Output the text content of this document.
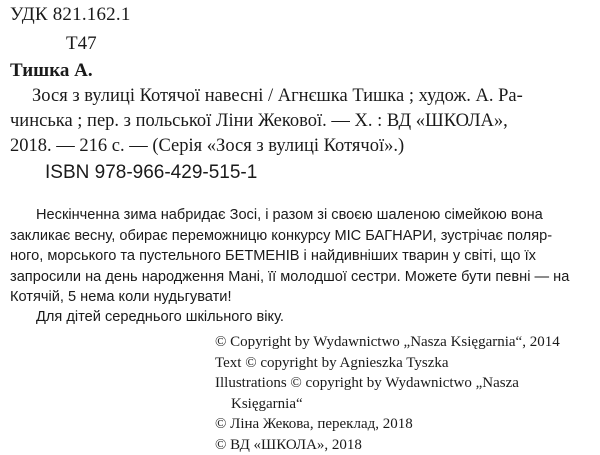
УДК 821.162.1
Т47
Тишка А.
Зося з вулиці Котячої навесні / Агнєшка Тишка ; худож. А. Ра-
чинська ; пер. з польської Ліни Жекової. — Х. : ВД «ШКОЛА»,
2018. — 216 с. — (Серія «Зося з вулиці Котячої».)
ISBN 978-966-429-515-1
Нескінченна зима набридає Зосі, і разом зі своєю шаленою сімейкою вона
закликає весну, обирає переможницю конкурсу МІС БАГНАРИ, зустрічає поляр-
ного, морського та пустельного БЕТМЕНІВ і найдивніших тварин у світі, що їх
запросили на день народження Мані, її молодшої сестри. Можете бути певні — на
Котячій, 5 нема коли нудьгувати!
Для дітей середнього шкільного віку.
© Copyright by Wydawnictwo „Nasza Księgarnia“, 2014
Text © copyright by Agnieszka Tyszka
Illustrations © copyright by Wydawnictwo „Nasza
Księgarnia“
© Ліна Жекова, переклад, 2018
© ВД «ШКОЛА», 2018
